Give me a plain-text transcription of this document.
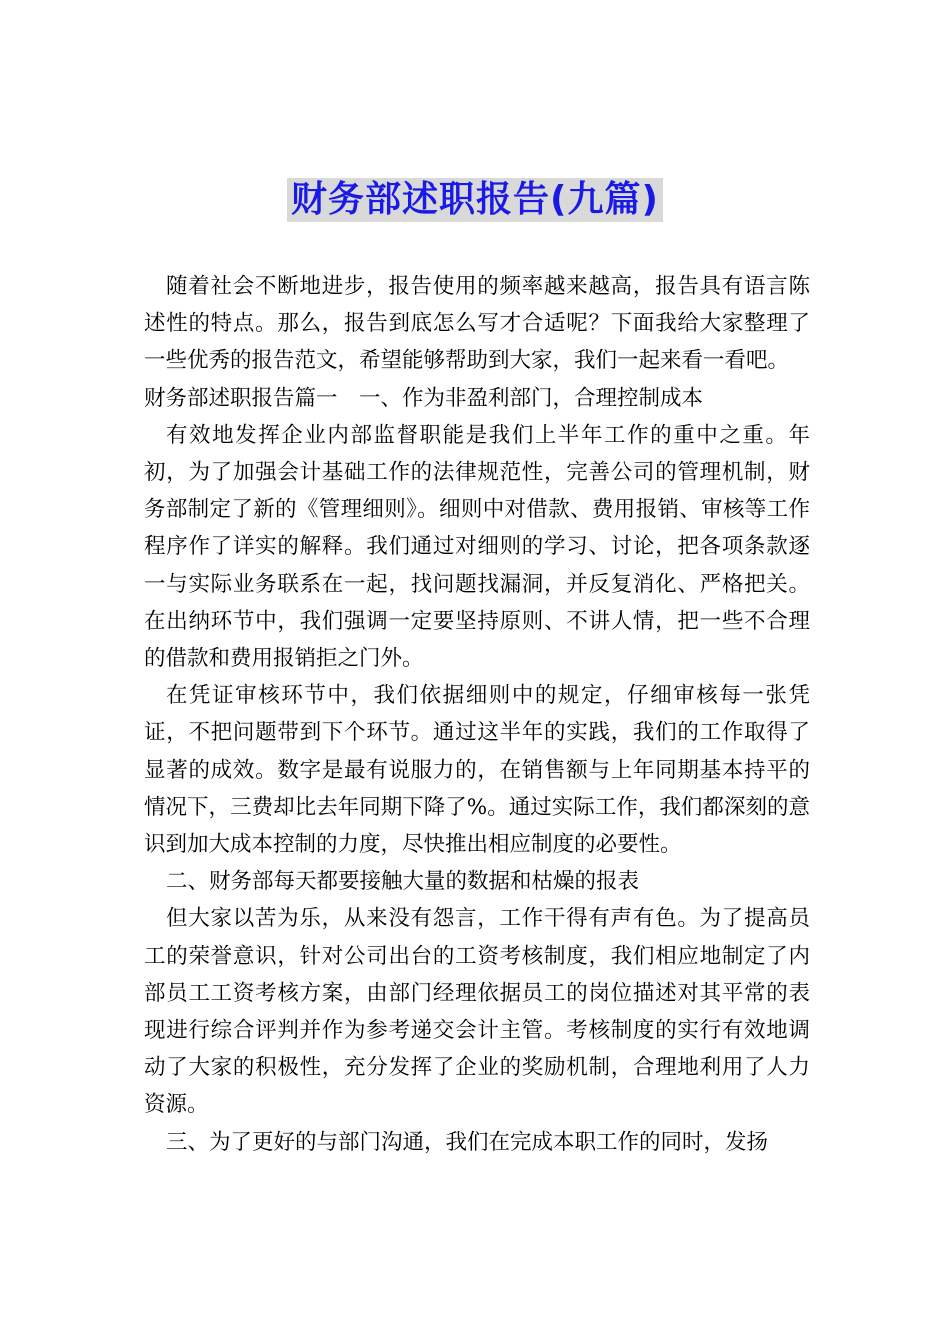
财务部述职报告(九篇)

随着社会不断地进步，报告使用的频率越来越高，报告具有语言陈述性的特点。那么，报告到底怎么写才合适呢？下面我给大家整理了一些优秀的报告范文，希望能够帮助到大家，我们一起来看一看吧。

财务部述职报告篇一　一、作为非盈利部门，合理控制成本

有效地发挥企业内部监督职能是我们上半年工作的重中之重。年初，为了加强会计基础工作的法律规范性，完善公司的管理机制，财务部制定了新的《管理细则》。细则中对借款、费用报销、审核等工作程序作了详实的解释。我们通过对细则的学习、讨论，把各项条款逐一与实际业务联系在一起，找问题找漏洞，并反复消化、严格把关。在出纳环节中，我们强调一定要坚持原则、不讲人情，把一些不合理的借款和费用报销拒之门外。

在凭证审核环节中，我们依据细则中的规定，仔细审核每一张凭证，不把问题带到下个环节。通过这半年的实践，我们的工作取得了显著的成效。数字是最有说服力的，在销售额与上年同期基本持平的情况下，三费却比去年同期下降了%。通过实际工作，我们都深刻的意识到加大成本控制的力度，尽快推出相应制度的必要性。

二、财务部每天都要接触大量的数据和枯燥的报表

但大家以苦为乐，从来没有怨言，工作干得有声有色。为了提高员工的荣誉意识，针对公司出台的工资考核制度，我们相应地制定了内部员工工资考核方案，由部门经理依据员工的岗位描述对其平常的表现进行综合评判并作为参考递交会计主管。考核制度的实行有效地调动了大家的积极性，充分发挥了企业的奖励机制，合理地利用了人力资源。

三、为了更好的与部门沟通，我们在完成本职工作的同时，发扬
